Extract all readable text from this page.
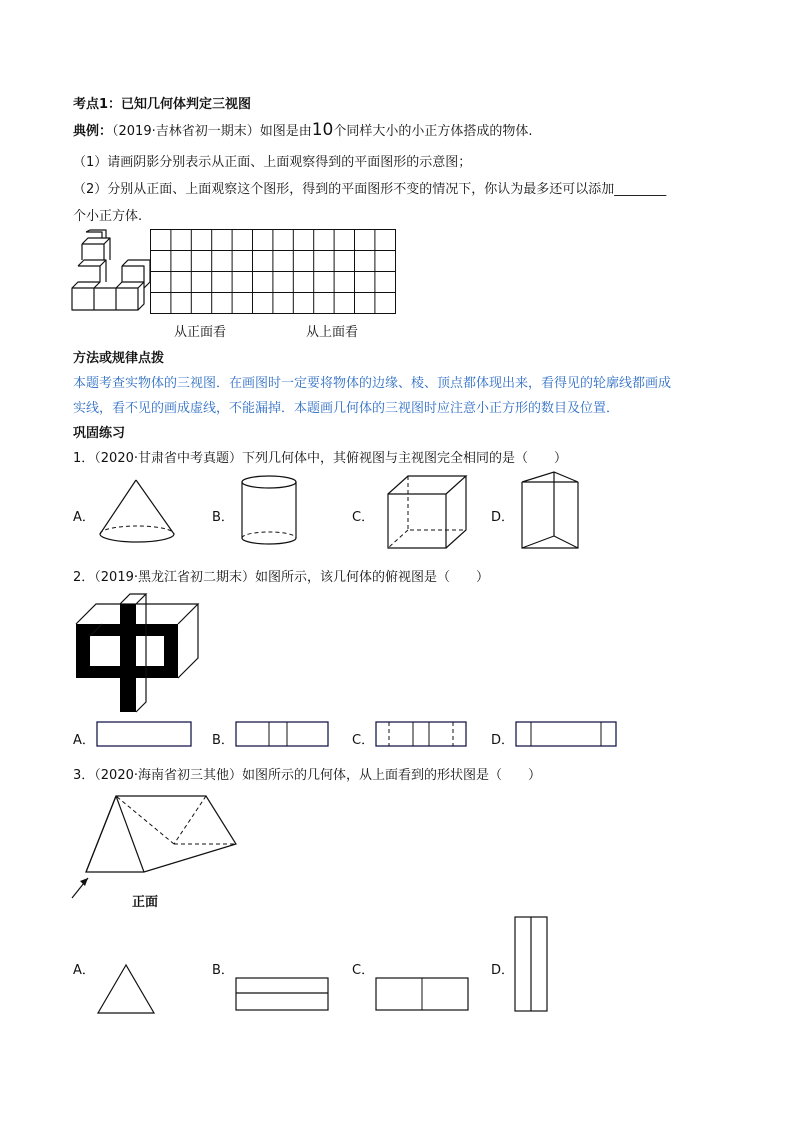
考点1：已知几何体判定三视图
典例：（2019·吉林省初一期末）如图是由10个同样大小的小正方体搭成的物体.
（1）请画阴影分别表示从正面、上面观察得到的平面图形的示意图；
（2）分别从正面、上面观察这个图形，得到的平面图形不变的情况下，你认为最多还可以添加________
个小正方体.
从正面看	从上面看
方法或规律点拨
本题考查实物体的三视图．在画图时一定要将物体的边缘、棱、顶点都体现出来，看得见的轮廓线都画成
实线，看不见的画成虚线，不能漏掉．本题画几何体的三视图时应注意小正方形的数目及位置．
巩固练习
1．（2020·甘肃省中考真题）下列几何体中，其俯视图与主视图完全相同的是（　　）
A．	B．	C．	D．
2．（2019·黑龙江省初二期末）如图所示，该几何体的俯视图是（　　）
A．	B．	C．	D．
3．（2020·海南省初三其他）如图所示的几何体，从上面看到的形状图是（　　）
正面
A．	B．	C．	D．
